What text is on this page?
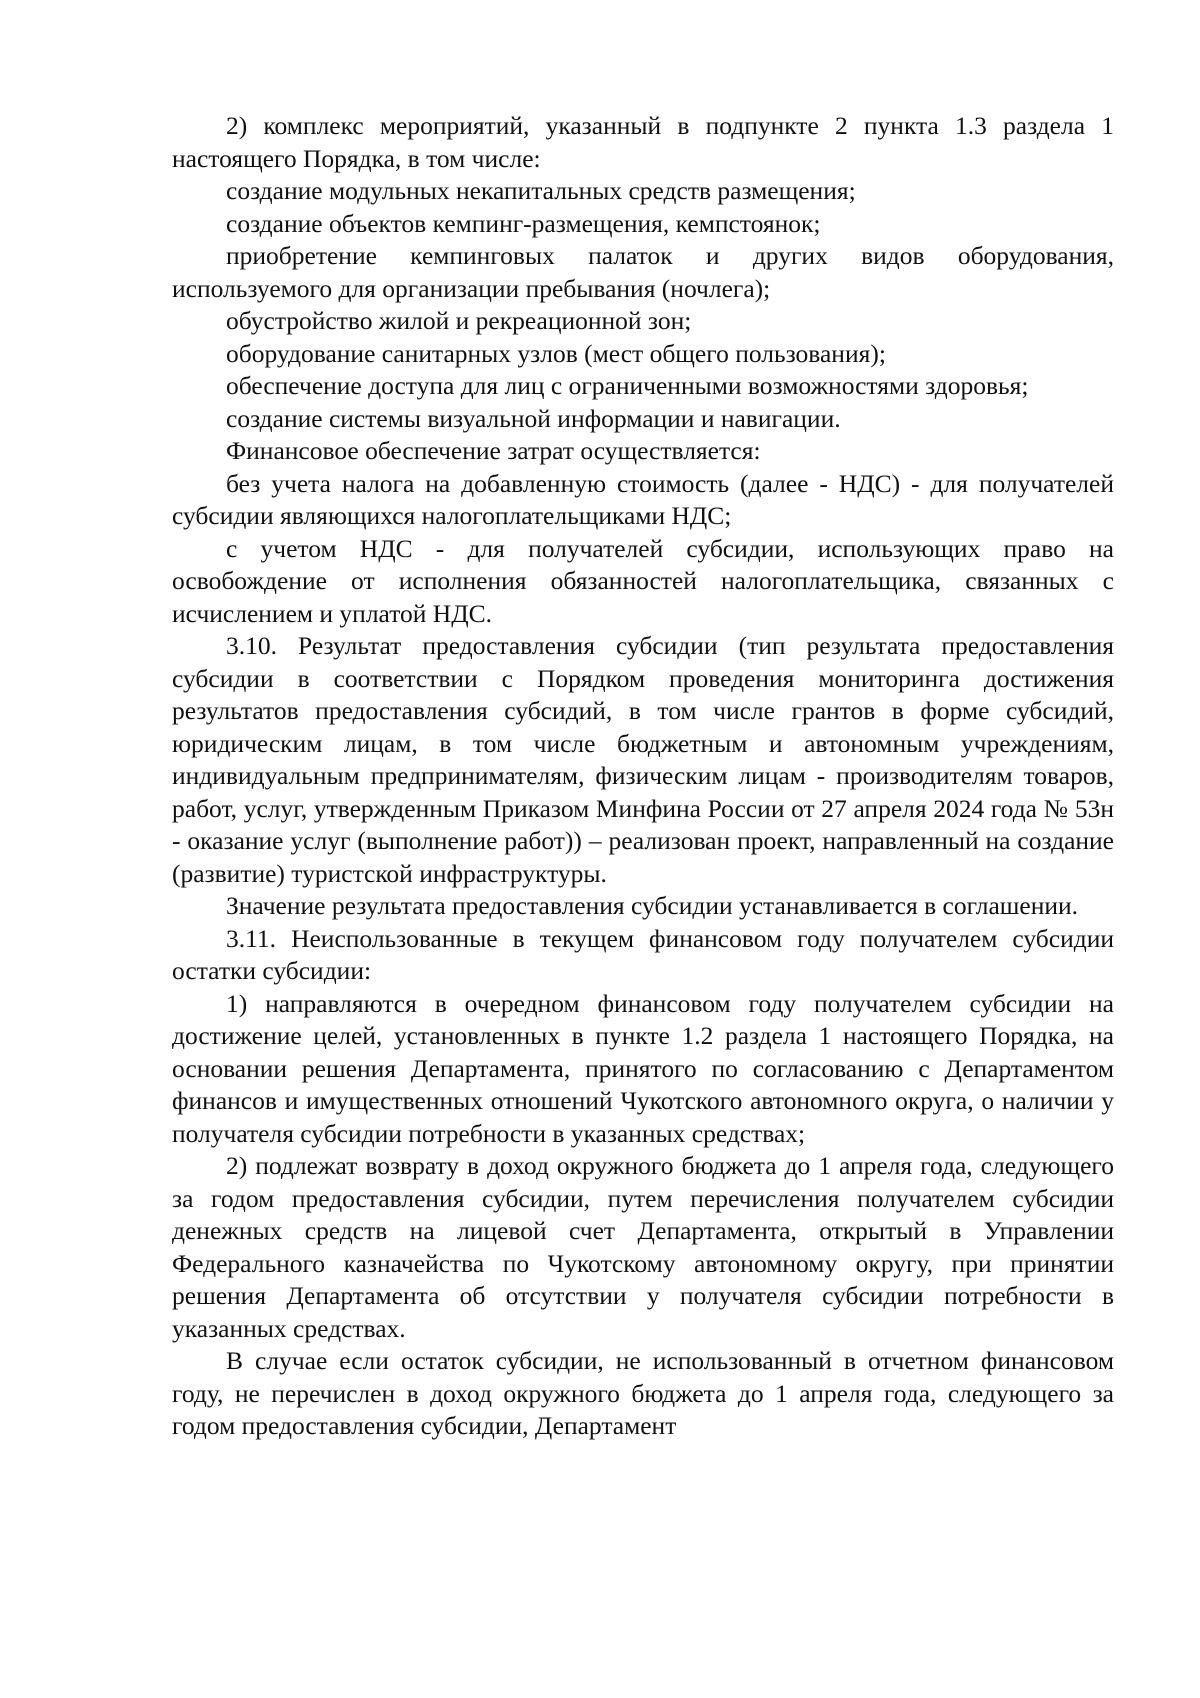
2) комплекс мероприятий, указанный в подпункте 2 пункта 1.3 раздела 1 настоящего Порядка, в том числе:

создание модульных некапитальных средств размещения;

создание объектов кемпинг-размещения, кемпстоянок;

приобретение кемпинговых палаток и других видов оборудования, используемого для организации пребывания (ночлега);

обустройство жилой и рекреационной зон;

оборудование санитарных узлов (мест общего пользования);

обеспечение доступа для лиц с ограниченными возможностями здоровья;

создание системы визуальной информации и навигации.

Финансовое обеспечение затрат осуществляется:

без учета налога на добавленную стоимость (далее - НДС) - для получателей субсидии являющихся налогоплательщиками НДС;

с учетом НДС - для получателей субсидии, использующих право на освобождение от исполнения обязанностей налогоплательщика, связанных с исчислением и уплатой НДС.

3.10. Результат предоставления субсидии (тип результата предоставления субсидии в соответствии с Порядком проведения мониторинга достижения результатов предоставления субсидий, в том числе грантов в форме субсидий, юридическим лицам, в том числе бюджетным и автономным учреждениям, индивидуальным предпринимателям, физическим лицам - производителям товаров, работ, услуг, утвержденным Приказом Минфина России от 27 апреля 2024 года № 53н - оказание услуг (выполнение работ)) – реализован проект, направленный на создание (развитие) туристской инфраструктуры.

Значение результата предоставления субсидии устанавливается в соглашении.

3.11. Неиспользованные в текущем финансовом году получателем субсидии остатки субсидии:

1) направляются в очередном финансовом году получателем субсидии на достижение целей, установленных в пункте 1.2 раздела 1 настоящего Порядка, на основании решения Департамента, принятого по согласованию с Департаментом финансов и имущественных отношений Чукотского автономного округа, о наличии у получателя субсидии потребности в указанных средствах;

2) подлежат возврату в доход окружного бюджета до 1 апреля года, следующего за годом предоставления субсидии, путем перечисления получателем субсидии денежных средств на лицевой счет Департамента, открытый в Управлении Федерального казначейства по Чукотскому автономному округу, при принятии решения Департамента об отсутствии у получателя субсидии потребности в указанных средствах.

В случае если остаток субсидии, не использованный в отчетном финансовом году, не перечислен в доход окружного бюджета до 1 апреля года, следующего за годом предоставления субсидии, Департамент
